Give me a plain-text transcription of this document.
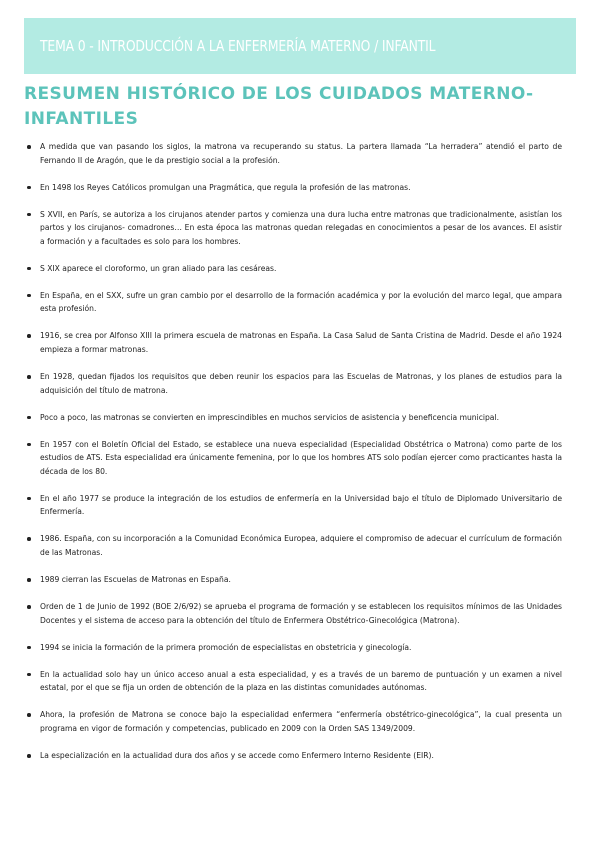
TEMA 0 - INTRODUCCIÓN A LA ENFERMERÍA MATERNO / INFANTIL
RESUMEN HISTÓRICO DE LOS CUIDADOS MATERNO-INFANTILES
A medida que van pasando los siglos, la matrona va recuperando su status. La partera llamada “La herradera” atendió el parto de Fernando II de Aragón, que le da prestigio social a la profesión.
En 1498 los Reyes Católicos promulgan una Pragmática, que regula la profesión de las matronas.
S XVII, en París, se autoriza a los cirujanos atender partos y comienza una dura lucha entre matronas que tradicionalmente, asistían los partos y los cirujanos- comadrones… En esta época las matronas quedan relegadas en conocimientos a pesar de los avances. El asistir a formación y a facultades es solo para los hombres.
S XIX aparece el cloroformo, un gran aliado para las cesáreas.
En España, en el SXX, sufre un gran cambio por el desarrollo de la formación académica y por la evolución del marco legal, que ampara esta profesión.
1916, se crea por Alfonso XIII la primera escuela de matronas en España. La Casa Salud de Santa Cristina de Madrid. Desde el año 1924 empieza a formar matronas.
En 1928, quedan fijados los requisitos que deben reunir los espacios para las Escuelas de Matronas, y los planes de estudios para la adquisición del título de matrona.
Poco a poco, las matronas se convierten en imprescindibles en muchos servicios de asistencia y beneficencia municipal.
En 1957 con el Boletín Oficial del Estado, se establece una nueva especialidad (Especialidad Obstétrica o Matrona) como parte de los estudios de ATS. Esta especialidad era únicamente femenina, por lo que los hombres ATS solo podían ejercer como practicantes hasta la década de los 80.
En el año 1977 se produce la integración de los estudios de enfermería en la Universidad bajo el título de Diplomado Universitario de Enfermería.
1986. España, con su incorporación a la Comunidad Económica Europea, adquiere el compromiso de adecuar el currículum de formación de las Matronas.
1989 cierran las Escuelas de Matronas en España.
Orden de 1 de Junio de 1992 (BOE 2/6/92) se aprueba el programa de formación y se establecen los requisitos mínimos de las Unidades Docentes y el sistema de acceso para la obtención del título de Enfermera Obstétrico-Ginecológica (Matrona).
1994 se inicia la formación de la primera promoción de especialistas en obstetricia y ginecología.
En la actualidad solo hay un único acceso anual a esta especialidad, y es a través de un baremo de puntuación y un examen a nivel estatal, por el que se fija un orden de obtención de la plaza en las distintas comunidades autónomas.
Ahora, la profesión de Matrona se conoce bajo la especialidad enfermera “enfermería obstétrico-ginecológica”, la cual presenta un programa en vigor de formación y competencias, publicado en 2009 con la Orden SAS 1349/2009.
La especialización en la actualidad dura dos años y se accede como Enfermero Interno Residente (EIR).
